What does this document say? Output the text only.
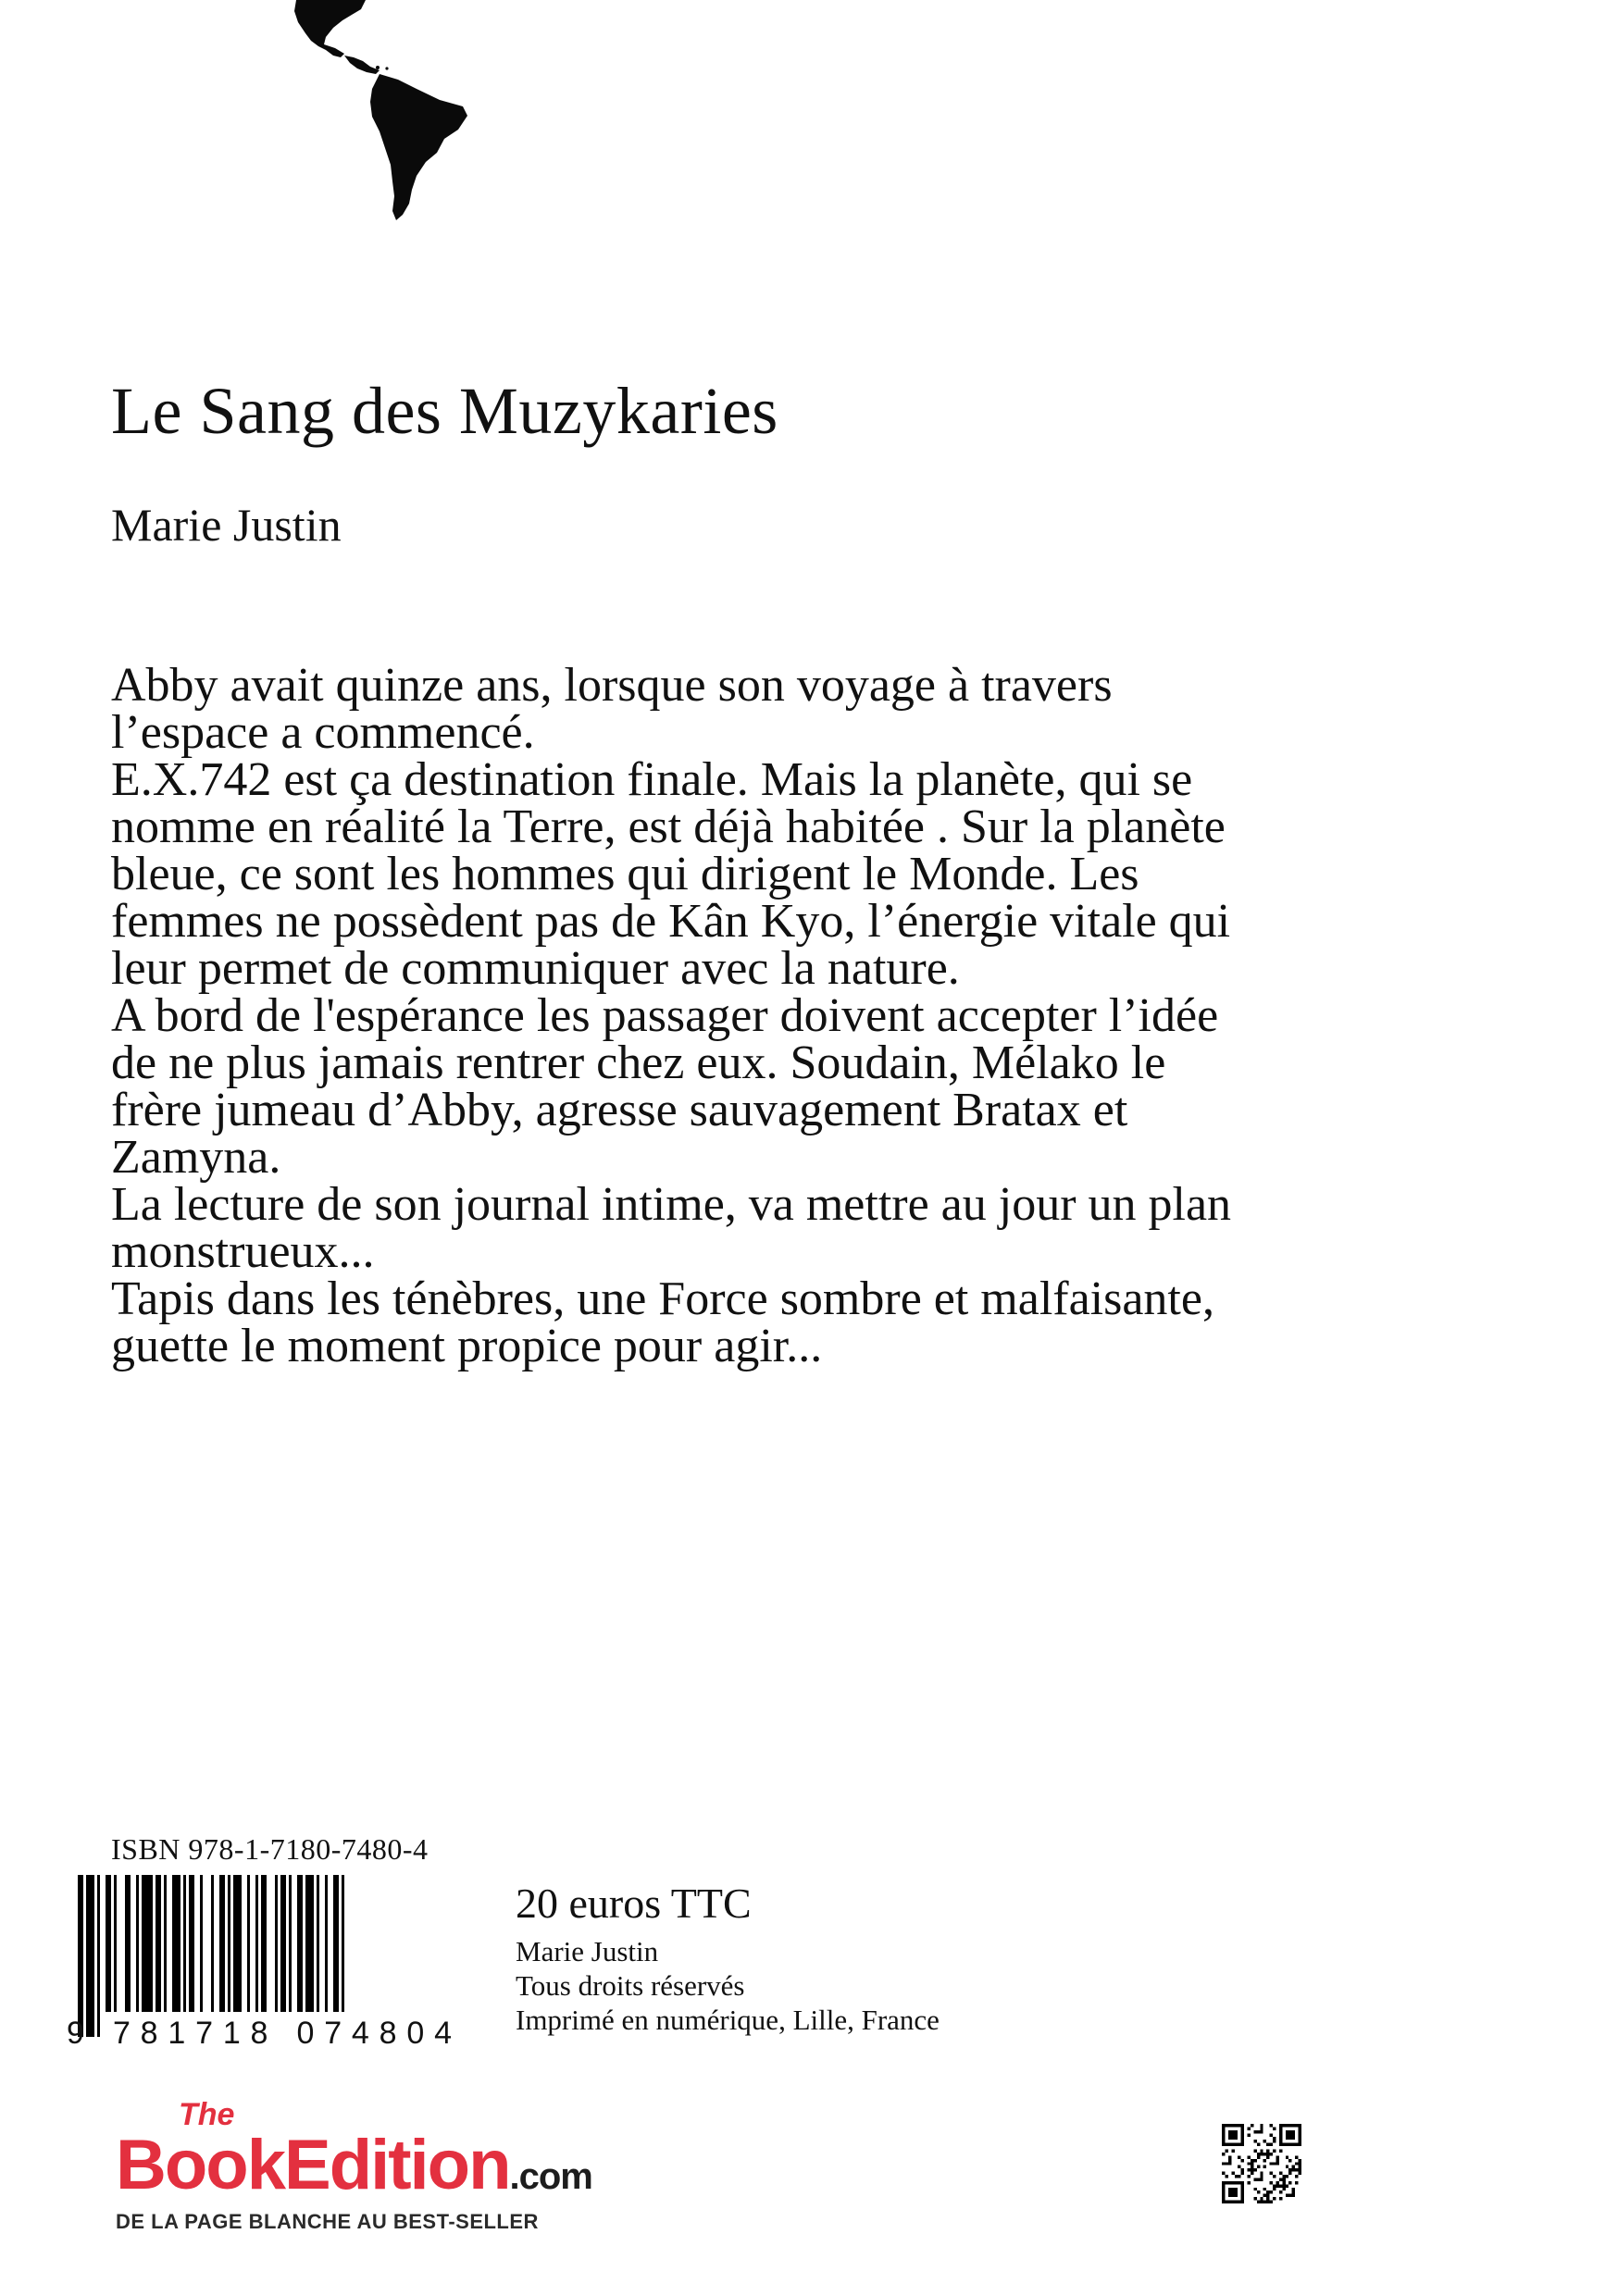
Le Sang des Muzykaries
Marie Justin

Abby avait quinze ans, lorsque son voyage à travers l’espace a commencé.

E.X.742 est ça destination finale. Mais la planète, qui se nomme en réalité la Terre, est déjà habitée . Sur la planète bleue, ce sont les hommes qui dirigent le Monde. Les femmes ne possèdent pas de Kân Kyo, l’énergie vitale qui leur permet de communiquer avec la nature.

A bord de l'espérance les passager doivent accepter l’idée de ne plus jamais rentrer chez eux. Soudain, Mélako le frère jumeau d’Abby, agresse sauvagement Bratax et Zamyna.

La lecture de son journal intime, va mettre au jour un plan monstrueux...

Tapis dans les ténèbres, une Force sombre et malfaisante, guette le moment propice pour agir...

ISBN 978-1-7180-7480-4
9 781718 074804
20 euros TTC
Marie Justin
Tous droits réservés
Imprimé en numérique, Lille, France
The
BookEdition.com
DE LA PAGE BLANCHE AU BEST-SELLER
